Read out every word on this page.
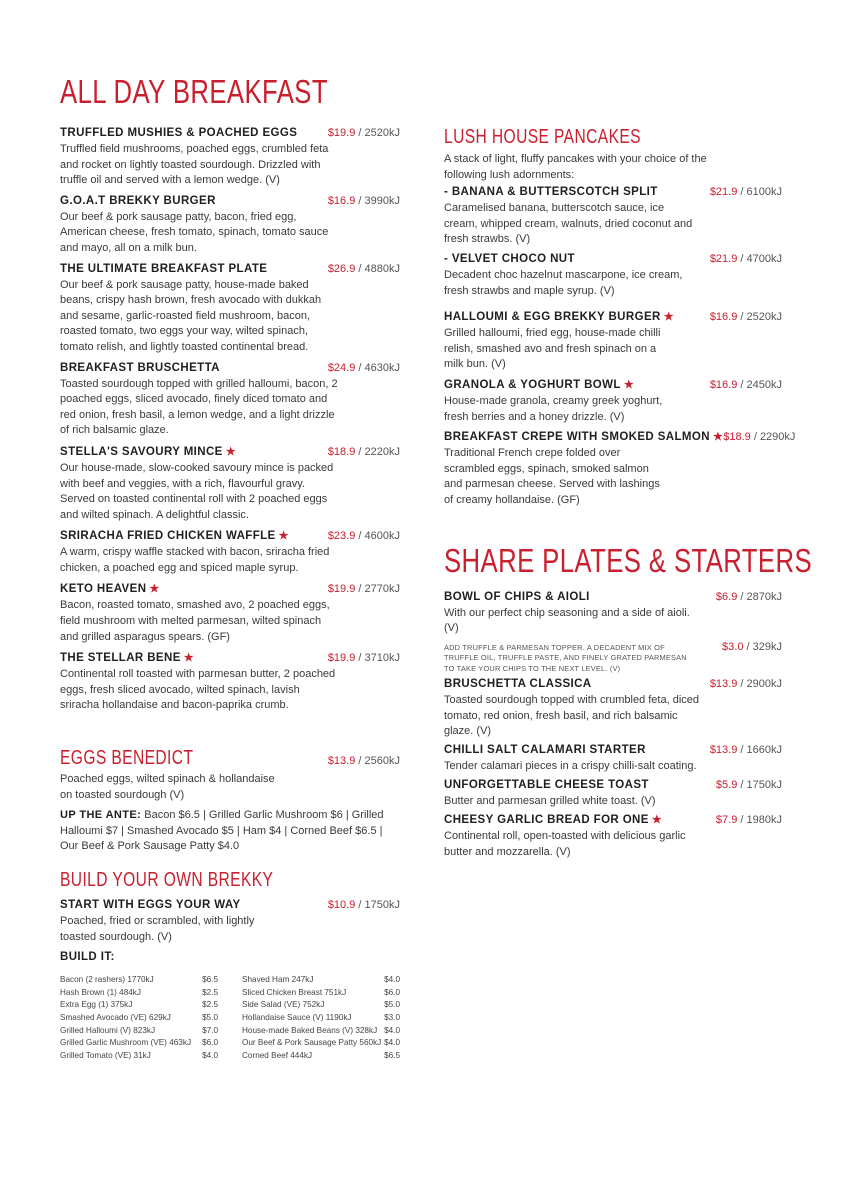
ALL DAY BREAKFAST
TRUFFLED MUSHIES & POACHED EGGS	$19.9 / 2520kJ
Truffled field mushrooms, poached eggs, crumbled feta and rocket on lightly toasted sourdough. Drizzled with truffle oil and served with a lemon wedge. (V)
G.O.A.T BREKKY BURGER	$16.9 / 3990kJ
Our beef & pork sausage patty, bacon, fried egg, American cheese, fresh tomato, spinach, tomato sauce and mayo, all on a milk bun.
THE ULTIMATE BREAKFAST PLATE	$26.9 / 4880kJ
Our beef & pork sausage patty, house-made baked beans, crispy hash brown, fresh avocado with dukkah and sesame, garlic-roasted field mushroom, bacon, roasted tomato, two eggs your way, wilted spinach, tomato relish, and lightly toasted continental bread.
BREAKFAST BRUSCHETTA	$24.9 / 4630kJ
Toasted sourdough topped with grilled halloumi, bacon, 2 poached eggs, sliced avocado, finely diced tomato and red onion, fresh basil, a lemon wedge, and a light drizzle of rich balsamic glaze.
STELLA'S SAVOURY MINCE ★	$18.9 / 2220kJ
Our house-made, slow-cooked savoury mince is packed with beef and veggies, with a rich, flavourful gravy. Served on toasted continental roll with 2 poached eggs and wilted spinach. A delightful classic.
SRIRACHA FRIED CHICKEN WAFFLE ★	$23.9 / 4600kJ
A warm, crispy waffle stacked with bacon, sriracha fried chicken, a poached egg and spiced maple syrup.
KETO HEAVEN ★	$19.9 / 2770kJ
Bacon, roasted tomato, smashed avo, 2 poached eggs, field mushroom with melted parmesan, wilted spinach and grilled asparagus spears. (GF)
THE STELLAR BENE ★	$19.9 / 3710kJ
Continental roll toasted with parmesan butter, 2 poached eggs, fresh sliced avocado, wilted spinach, lavish sriracha hollandaise and bacon-paprika crumb.
EGGS BENEDICT	$13.9 / 2560kJ
Poached eggs, wilted spinach & hollandaise on toasted sourdough (V)
UP THE ANTE: Bacon $6.5 | Grilled Garlic Mushroom $6 | Grilled Halloumi $7 | Smashed Avocado $5 | Ham $4 | Corned Beef $6.5 | Our Beef & Pork Sausage Patty $4.0
BUILD YOUR OWN BREKKY
START WITH EGGS YOUR WAY	$10.9 / 1750kJ
Poached, fried or scrambled, with lightly toasted sourdough. (V)
BUILD IT:
Bacon (2 rashers) 1770kJ	$6.5
Hash Brown (1) 484kJ	$2.5
Extra Egg (1) 375kJ	$2.5
Smashed Avocado (VE) 629kJ	$5.0
Grilled Halloumi (V) 823kJ	$7.0
Grilled Garlic Mushroom (VE) 463kJ $6.0
Grilled Tomato (VE) 31kJ	$4.0
Shaved Ham 247kJ	$4.0
Sliced Chicken Breast 751kJ	$6.0
Side Salad (VE) 752kJ	$5.0
Hollandaise Sauce (V) 1190kJ	$3.0
House-made Baked Beans (V) 328kJ $4.0
Our Beef & Pork Sausage Patty 560kJ $4.0
Corned Beef 444kJ	$6.5
LUSH HOUSE PANCAKES
A stack of light, fluffy pancakes with your choice of the following lush adornments:
- BANANA & BUTTERSCOTCH SPLIT	$21.9 / 6100kJ
Caramelised banana, butterscotch sauce, ice cream, whipped cream, walnuts, dried coconut and fresh strawbs. (V)
- VELVET CHOCO NUT	$21.9 / 4700kJ
Decadent choc hazelnut mascarpone, ice cream, fresh strawbs and maple syrup. (V)
HALLOUMI & EGG BREKKY BURGER ★	$16.9 / 2520kJ
Grilled halloumi, fried egg, house-made chilli relish, smashed avo and fresh spinach on a milk bun. (V)
GRANOLA & YOGHURT BOWL ★	$16.9 / 2450kJ
House-made granola, creamy greek yoghurt, fresh berries and a honey drizzle. (V)
BREAKFAST CREPE WITH SMOKED SALMON ★ $18.9 / 2290kJ
Traditional French crepe folded over scrambled eggs, spinach, smoked salmon and parmesan cheese. Served with lashings of creamy hollandaise. (GF)
SHARE PLATES & STARTERS
BOWL OF CHIPS & AIOLI	$6.9 / 2870kJ
With our perfect chip seasoning and a side of aioli. (V)
ADD TRUFFLE & PARMESAN TOPPER. A DECADENT MIX OF TRUFFLE OIL, TRUFFLE PASTE, AND FINELY GRATED PARMESAN TO TAKE YOUR CHIPS TO THE NEXT LEVEL. (V)
$3.0 / 329kJ
BRUSCHETTA CLASSICA	$13.9 / 2900kJ
Toasted sourdough topped with crumbled feta, diced tomato, red onion, fresh basil, and rich balsamic glaze. (V)
CHILLI SALT CALAMARI STARTER	$13.9 / 1660kJ
Tender calamari pieces in a crispy chilli-salt coating.
UNFORGETTABLE CHEESE TOAST	$5.9 / 1750kJ
Butter and parmesan grilled white toast. (V)
CHEESY GARLIC BREAD FOR ONE ★	$7.9 / 1980kJ
Continental roll, open-toasted with delicious garlic butter and mozzarella. (V)
